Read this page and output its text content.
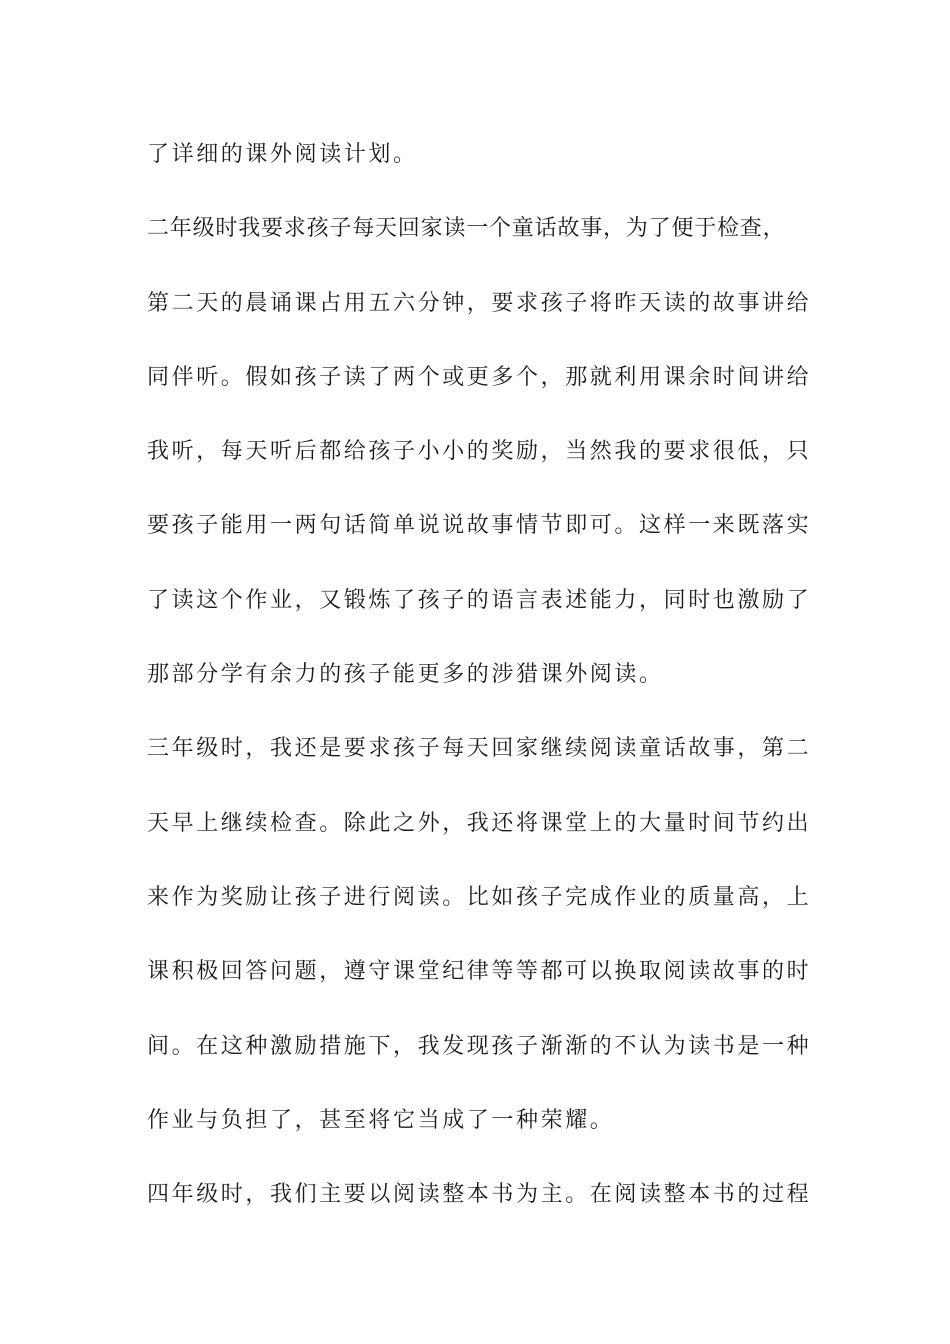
了详细的课外阅读计划。
二年级时我要求孩子每天回家读一个童话故事，为了便于检查，
第二天的晨诵课占用五六分钟，要求孩子将昨天读的故事讲给
同伴听。假如孩子读了两个或更多个，那就利用课余时间讲给
我听，每天听后都给孩子小小的奖励，当然我的要求很低，只
要孩子能用一两句话简单说说故事情节即可。这样一来既落实
了读这个作业，又锻炼了孩子的语言表述能力，同时也激励了
那部分学有余力的孩子能更多的涉猎课外阅读。
三年级时，我还是要求孩子每天回家继续阅读童话故事，第二
天早上继续检查。除此之外，我还将课堂上的大量时间节约出
来作为奖励让孩子进行阅读。比如孩子完成作业的质量高，上
课积极回答问题，遵守课堂纪律等等都可以换取阅读故事的时
间。在这种激励措施下，我发现孩子渐渐的不认为读书是一种
作业与负担了，甚至将它当成了一种荣耀。
四年级时，我们主要以阅读整本书为主。在阅读整本书的过程
